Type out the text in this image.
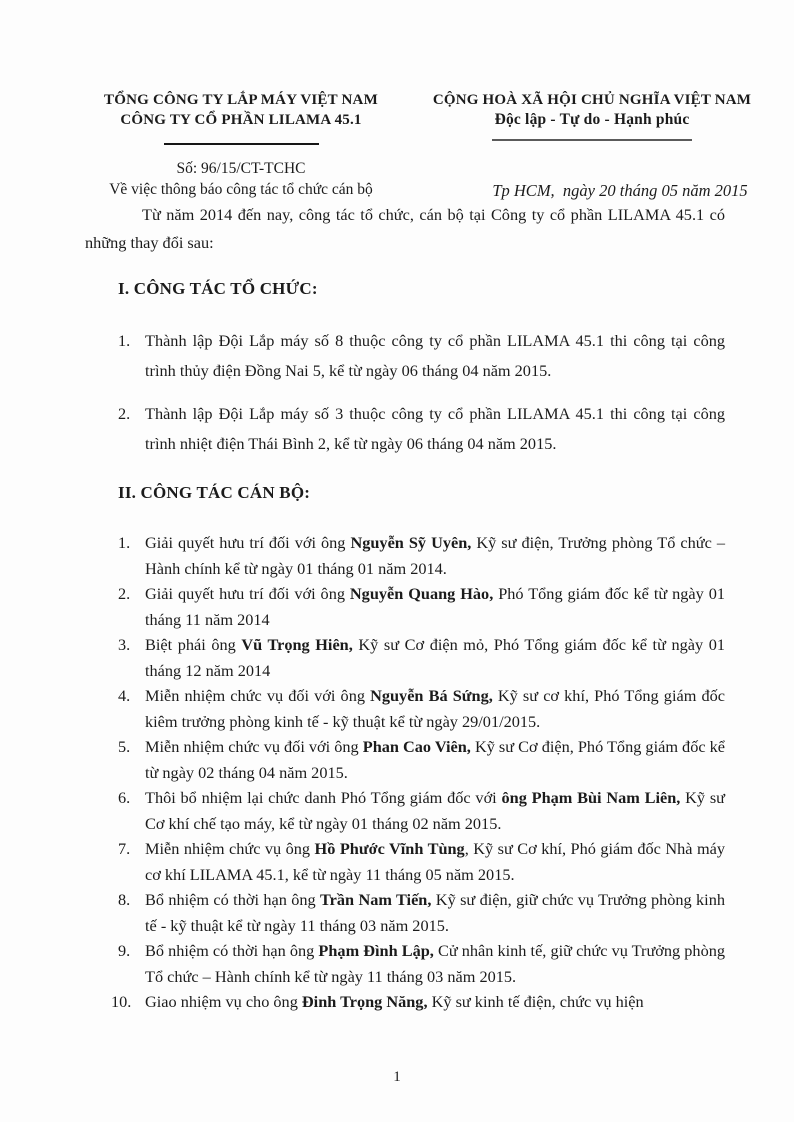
TỔNG CÔNG TY LẮP MÁY VIỆT NAM
CÔNG TY CỔ PHẦN LILAMA 45.1
Số: 96/15/CT-TCHC
Về việc thông báo công tác tổ chức cán bộ
CỘNG HOÀ XÃ HỘI CHỦ NGHĨA VIỆT NAM
Độc lập - Tự do - Hạnh phúc
Tp HCM,  ngày 20 tháng 05 năm 2015

Từ năm 2014 đến nay, công tác tổ chức, cán bộ tại Công ty cổ phần LILAMA 45.1 có những thay đổi sau:

I. CÔNG TÁC TỔ CHỨC:
1. Thành lập Đội Lắp máy số 8 thuộc công ty cổ phần LILAMA 45.1 thi công tại công trình thủy điện Đồng Nai 5, kể từ ngày 06 tháng 04 năm 2015.
2. Thành lập Đội Lắp máy số 3 thuộc công ty cổ phần LILAMA 45.1 thi công tại công trình nhiệt điện Thái Bình 2, kể từ ngày 06 tháng 04 năm 2015.
II. CÔNG TÁC CÁN BỘ:
1. Giải quyết hưu trí đối với ông Nguyễn Sỹ Uyên, Kỹ sư điện, Trưởng phòng Tổ chức – Hành chính kể từ ngày 01 tháng 01 năm 2014.
2. Giải quyết hưu trí đối với ông Nguyễn Quang Hào, Phó Tổng giám đốc kể từ ngày 01 tháng 11 năm 2014
3. Biệt phái ông Vũ Trọng Hiên, Kỹ sư Cơ điện mỏ, Phó Tổng giám đốc kể từ ngày 01 tháng 12 năm 2014
4. Miễn nhiệm chức vụ đối với ông Nguyễn Bá Sứng, Kỹ sư cơ khí, Phó Tổng giám đốc kiêm trưởng phòng kinh tế - kỹ thuật kể từ ngày 29/01/2015.
5. Miễn nhiệm chức vụ đối với ông Phan Cao Viên, Kỹ sư Cơ điện, Phó Tổng giám đốc kể từ ngày 02 tháng 04 năm 2015.
6. Thôi bổ nhiệm lại chức danh Phó Tổng giám đốc với ông Phạm Bùi Nam Liên, Kỹ sư Cơ khí chế tạo máy, kể từ ngày 01 tháng 02 năm 2015.
7. Miễn nhiệm chức vụ ông Hồ Phước Vĩnh Tùng, Kỹ sư Cơ khí, Phó giám đốc Nhà máy cơ khí LILAMA 45.1, kể từ ngày 11 tháng 05 năm 2015.
8. Bổ nhiệm có thời hạn ông Trần Nam Tiến, Kỹ sư điện, giữ chức vụ Trưởng phòng kinh tế - kỹ thuật kể từ ngày 11 tháng 03 năm 2015.
9. Bổ nhiệm có thời hạn ông Phạm Đình Lập, Cử nhân kinh tế, giữ chức vụ Trưởng phòng Tổ chức – Hành chính kể từ ngày 11 tháng 03 năm 2015.
10. Giao nhiệm vụ cho ông Đinh Trọng Năng, Kỹ sư kinh tế điện, chức vụ hiện
1
